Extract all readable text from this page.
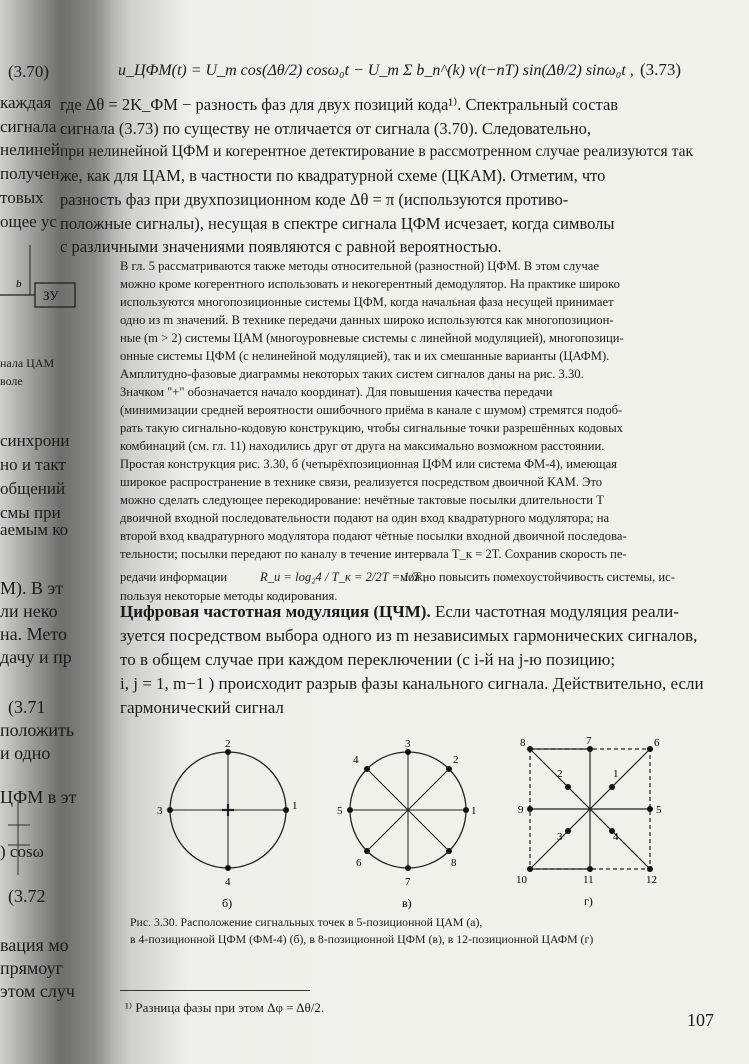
(3.70)
каждая
сигнала
нелиней
получен
товых
ощее ус
b
ЗУ
нала ЦАМ
воле
синхрони
но и такт
общений
смы при
аемым ко
М). В эт
ли неко
на. Мето
дачу и пр
(3.71
положить
и одно
ЦФМ в эт
) cosω
(3.72
вация мо
прямоуг
этом случ
u_ЦФМ(t) = U_m cos(Δθ/2) cosω₀t − U_m Σ b_n^(k) v(t−nT) sin(Δθ/2) sinω₀t , (3.73)
где Δθ = 2K_ФМ − разность фаз для двух позиций кода¹⁾. Спектральный состав
сигнала (3.73) по существу не отличается от сигнала (3.70). Следовательно,
при нелинейной ЦФМ и когерентное детектирование в рассмотренном случае реализуются так
же, как для ЦАМ, в частности по квадратурной схеме (ЦКАМ). Отметим, что
разность фаз при двухпозиционном коде Δθ = π (используются противо-
положные сигналы), несущая в спектре сигнала ЦФМ исчезает, когда символы
с различными значениями появляются с равной вероятностью.
В гл. 5 рассматриваются также методы относительной (разностной) ЦФМ. В этом случае
можно кроме когерентного использовать и некогерентный демодулятор. На практике широко
используются многопозиционные системы ЦФМ, когда начальная фаза несущей принимает
одно из m значений. В технике передачи данных широко используются как многопозицион-
ные (m > 2) системы ЦАМ (многоуровневые системы с линейной модуляцией), многопозици-
онные системы ЦФМ (с нелинейной модуляцией), так и их смешанные варианты (ЦАФМ).
Амплитудно-фазовые диаграммы некоторых таких систем сигналов даны на рис. 3.30.
Значком "+" обозначается начало координат). Для повышения качества передачи
(минимизации средней вероятности ошибочного приёма в канале с шумом) стремятся подоб-
рать такую сигнально-кодовую конструкцию, чтобы сигнальные точки разрешённых кодовых
комбинаций (см. гл. 11) находились друг от друга на максимально возможном расстоянии.
Простая конструкция рис. 3.30, б (четырёхпозиционная ЦФМ или система ФМ-4), имеющая
широкое распространение в технике связи, реализуется посредством двоичной КАМ. Это
можно сделать следующее перекодирование: нечётные тактовые посылки длительности T
двоичной входной последовательности подают на один вход квадратурного модулятора; на
второй вход квадратурного модулятора подают чётные посылки входной двоичной последова-
тельности; посылки передают по каналу в течение интервала T_к = 2T. Сохранив скорость пе-
редачи информации	R_и = log₂4 / T_к = 2/2T = 1/T ,
можно повысить помехоустойчивость системы, ис-
пользуя некоторые методы кодирования.
Цифровая частотная модуляция (ЦЧМ). Если частотная модуляция реали-
зуется посредством выбора одного из m независимых гармонических сигналов,
то в общем случае при каждом переключении (с i-й на j-ю позицию;
i, j = 1, m−1 ) происходит разрыв фазы канального сигнала. Действительно, если
гармонический сигнал
1
2
3
4
б)
1
2
3
4
5
6
7
8
в)
1
2
3	4
5
6
7
8
9
10	11	12
г)
Рис. 3.30. Расположение сигнальных точек в 5-позиционной ЦАМ (а),
в 4-позиционной ЦФМ (ФМ-4) (б), в 8-позиционной ЦФМ (в), в 12-позиционной ЦАФМ (г)
¹⁾ Разница фазы при этом Δφ = Δθ/2.
107
